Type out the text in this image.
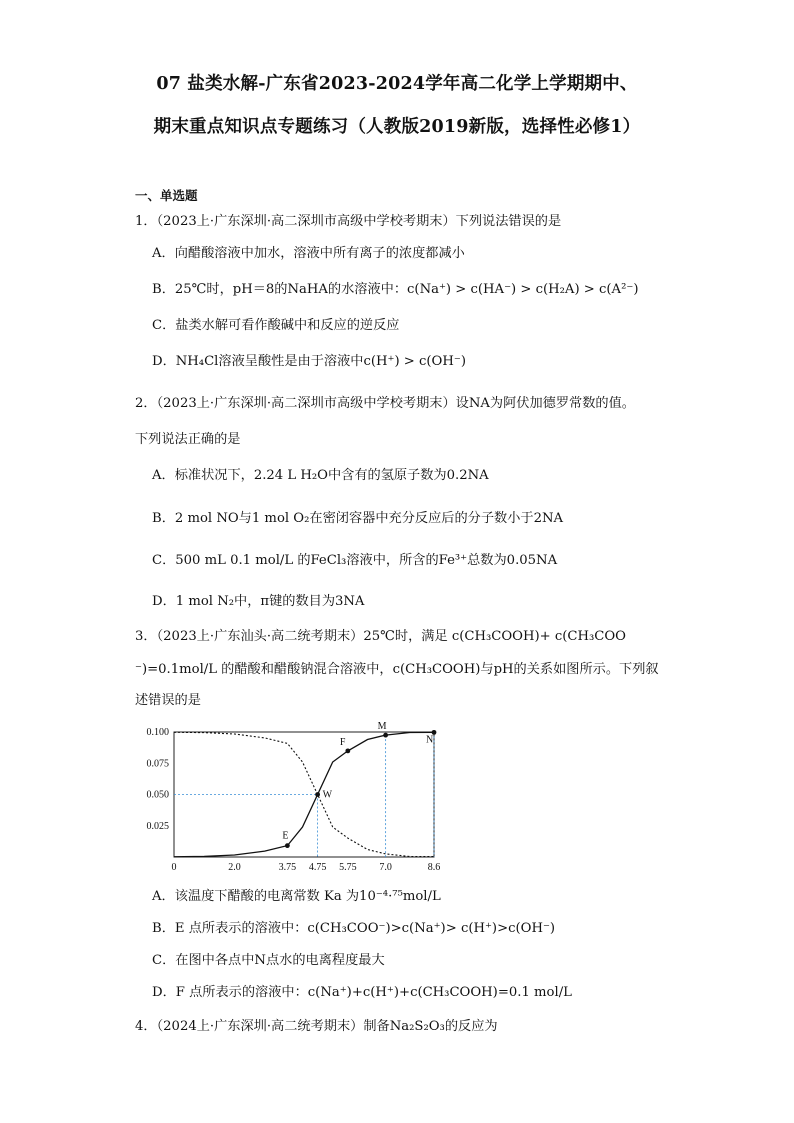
07 盐类水解-广东省2023-2024学年高二化学上学期期中、
期末重点知识点专题练习（人教版2019新版，选择性必修1）
一、单选题
1．（2023上·广东深圳·高二深圳市高级中学校考期末）下列说法错误的是
A．向醋酸溶液中加水，溶液中所有离子的浓度都减小
B．25℃时，pH＝8的NaHA的水溶液中：c(Na⁺) > c(HA⁻) > c(H₂A) > c(A²⁻)
C．盐类水解可看作酸碱中和反应的逆反应
D．NH₄Cl溶液呈酸性是由于溶液中c(H⁺) > c(OH⁻)
2．（2023上·广东深圳·高二深圳市高级中学校考期末）设NA为阿伏加德罗常数的值。
下列说法正确的是
A．标准状况下，2.24 L H₂O中含有的氢原子数为0.2NA
B．2 mol NO与1 mol O₂在密闭容器中充分反应后的分子数小于2NA
C．500 mL 0.1 mol/L 的FeCl₃溶液中，所含的Fe³⁺总数为0.05NA
D．1 mol N₂中，π键的数目为3NA
3．（2023上·广东汕头·高二统考期末）25℃时，满足 c(CH₃COOH)+ c(CH₃COO
⁻)=0.1mol/L 的醋酸和醋酸钠混合溶液中，c(CH₃COOH)与pH的关系如图所示。下列叙
述错误的是
E
W
F
M
N
0	2.0	3.75 4.75 5.75 7.0	8.6
0.100
0.075
0.050
0.025
A．该温度下醋酸的电离常数 Ka 为10⁻⁴·⁷⁵mol/L
B．E 点所表示的溶液中：c(CH₃COO⁻)>c(Na⁺)> c(H⁺)>c(OH⁻)
C．在图中各点中N点水的电离程度最大
D．F 点所表示的溶液中：c(Na⁺)+c(H⁺)+c(CH₃COOH)=0.1 mol/L
4．（2024上·广东深圳·高二统考期末）制备Na₂S₂O₃的反应为
